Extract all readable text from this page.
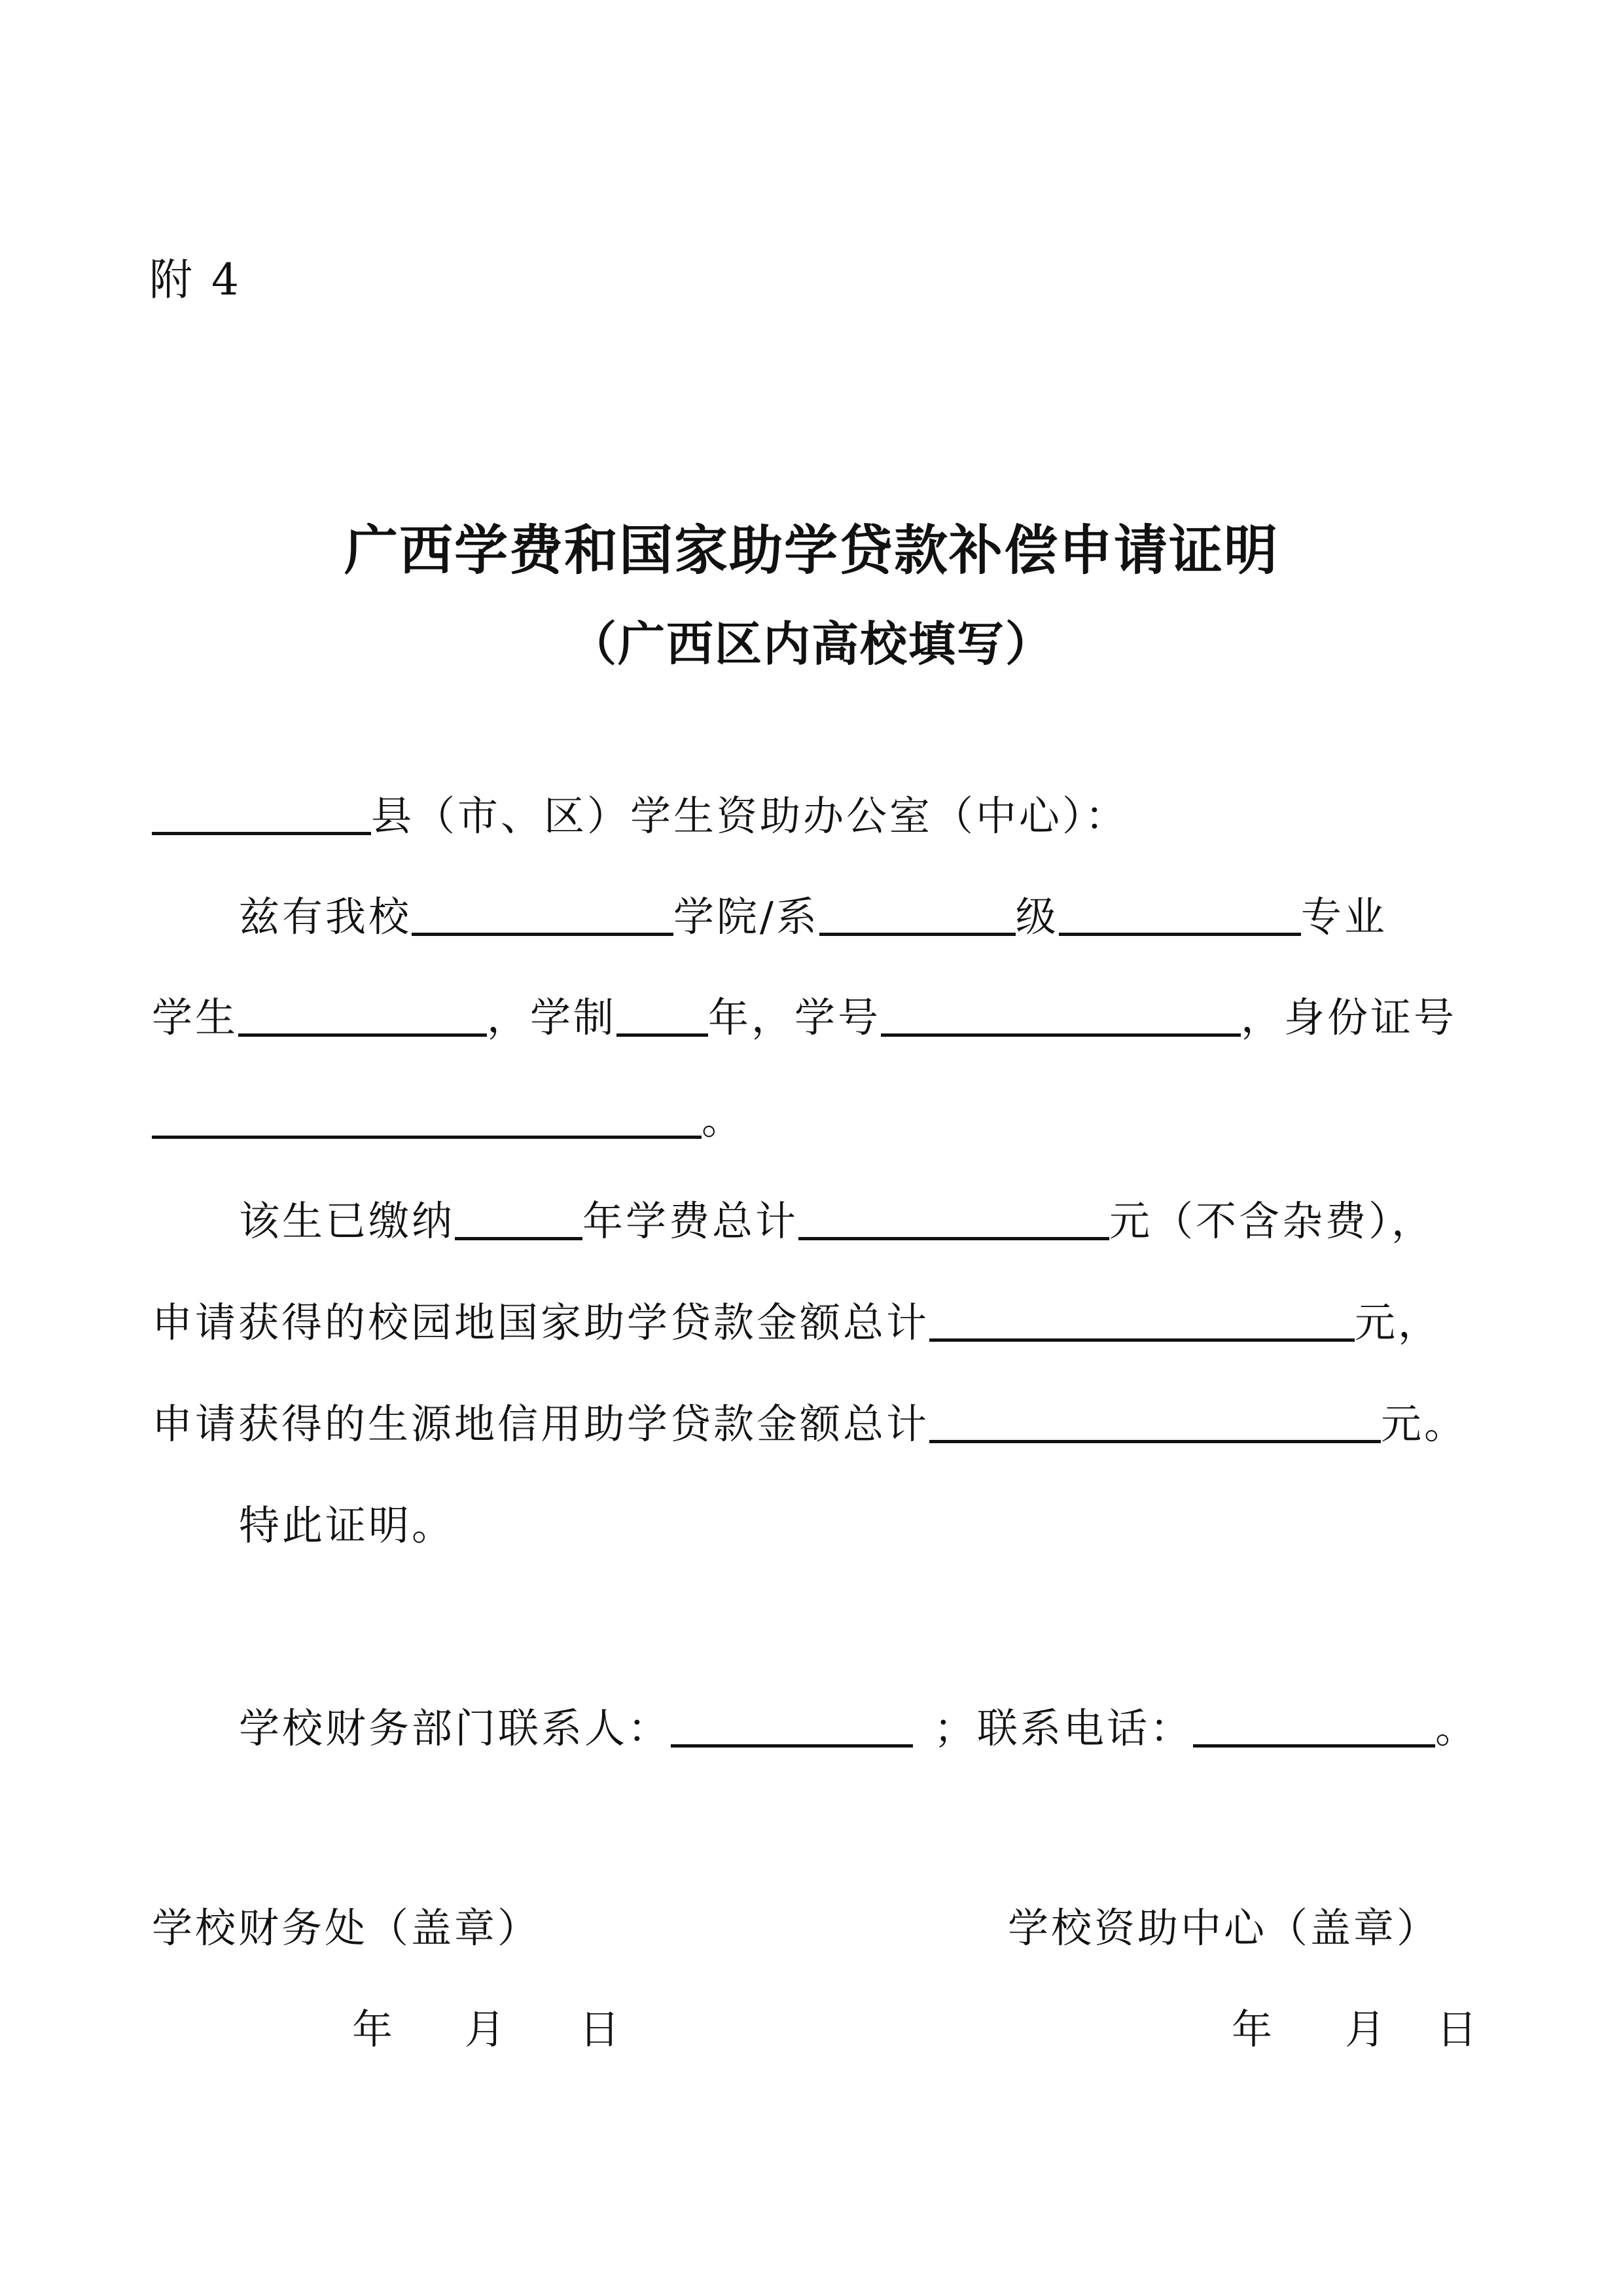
附 4
广西学费和国家助学贷款补偿申请证明
（广西区内高校填写）
县（市、区）学生资助办公室（中心）：
兹有我校	学院/系	级	专业
学生	，学制 年，学号	，身份证号
。
该生已缴纳	年学费总计	元（不含杂费），
申请获得的校园地国家助学贷款金额总计	元，
申请获得的生源地信用助学贷款金额总计	元。
特此证明。
学校财务部门联系人：	；联系电话：	。
学校财务处（盖章）	学校资助中心（盖章）
年 月 日	年 月 日
